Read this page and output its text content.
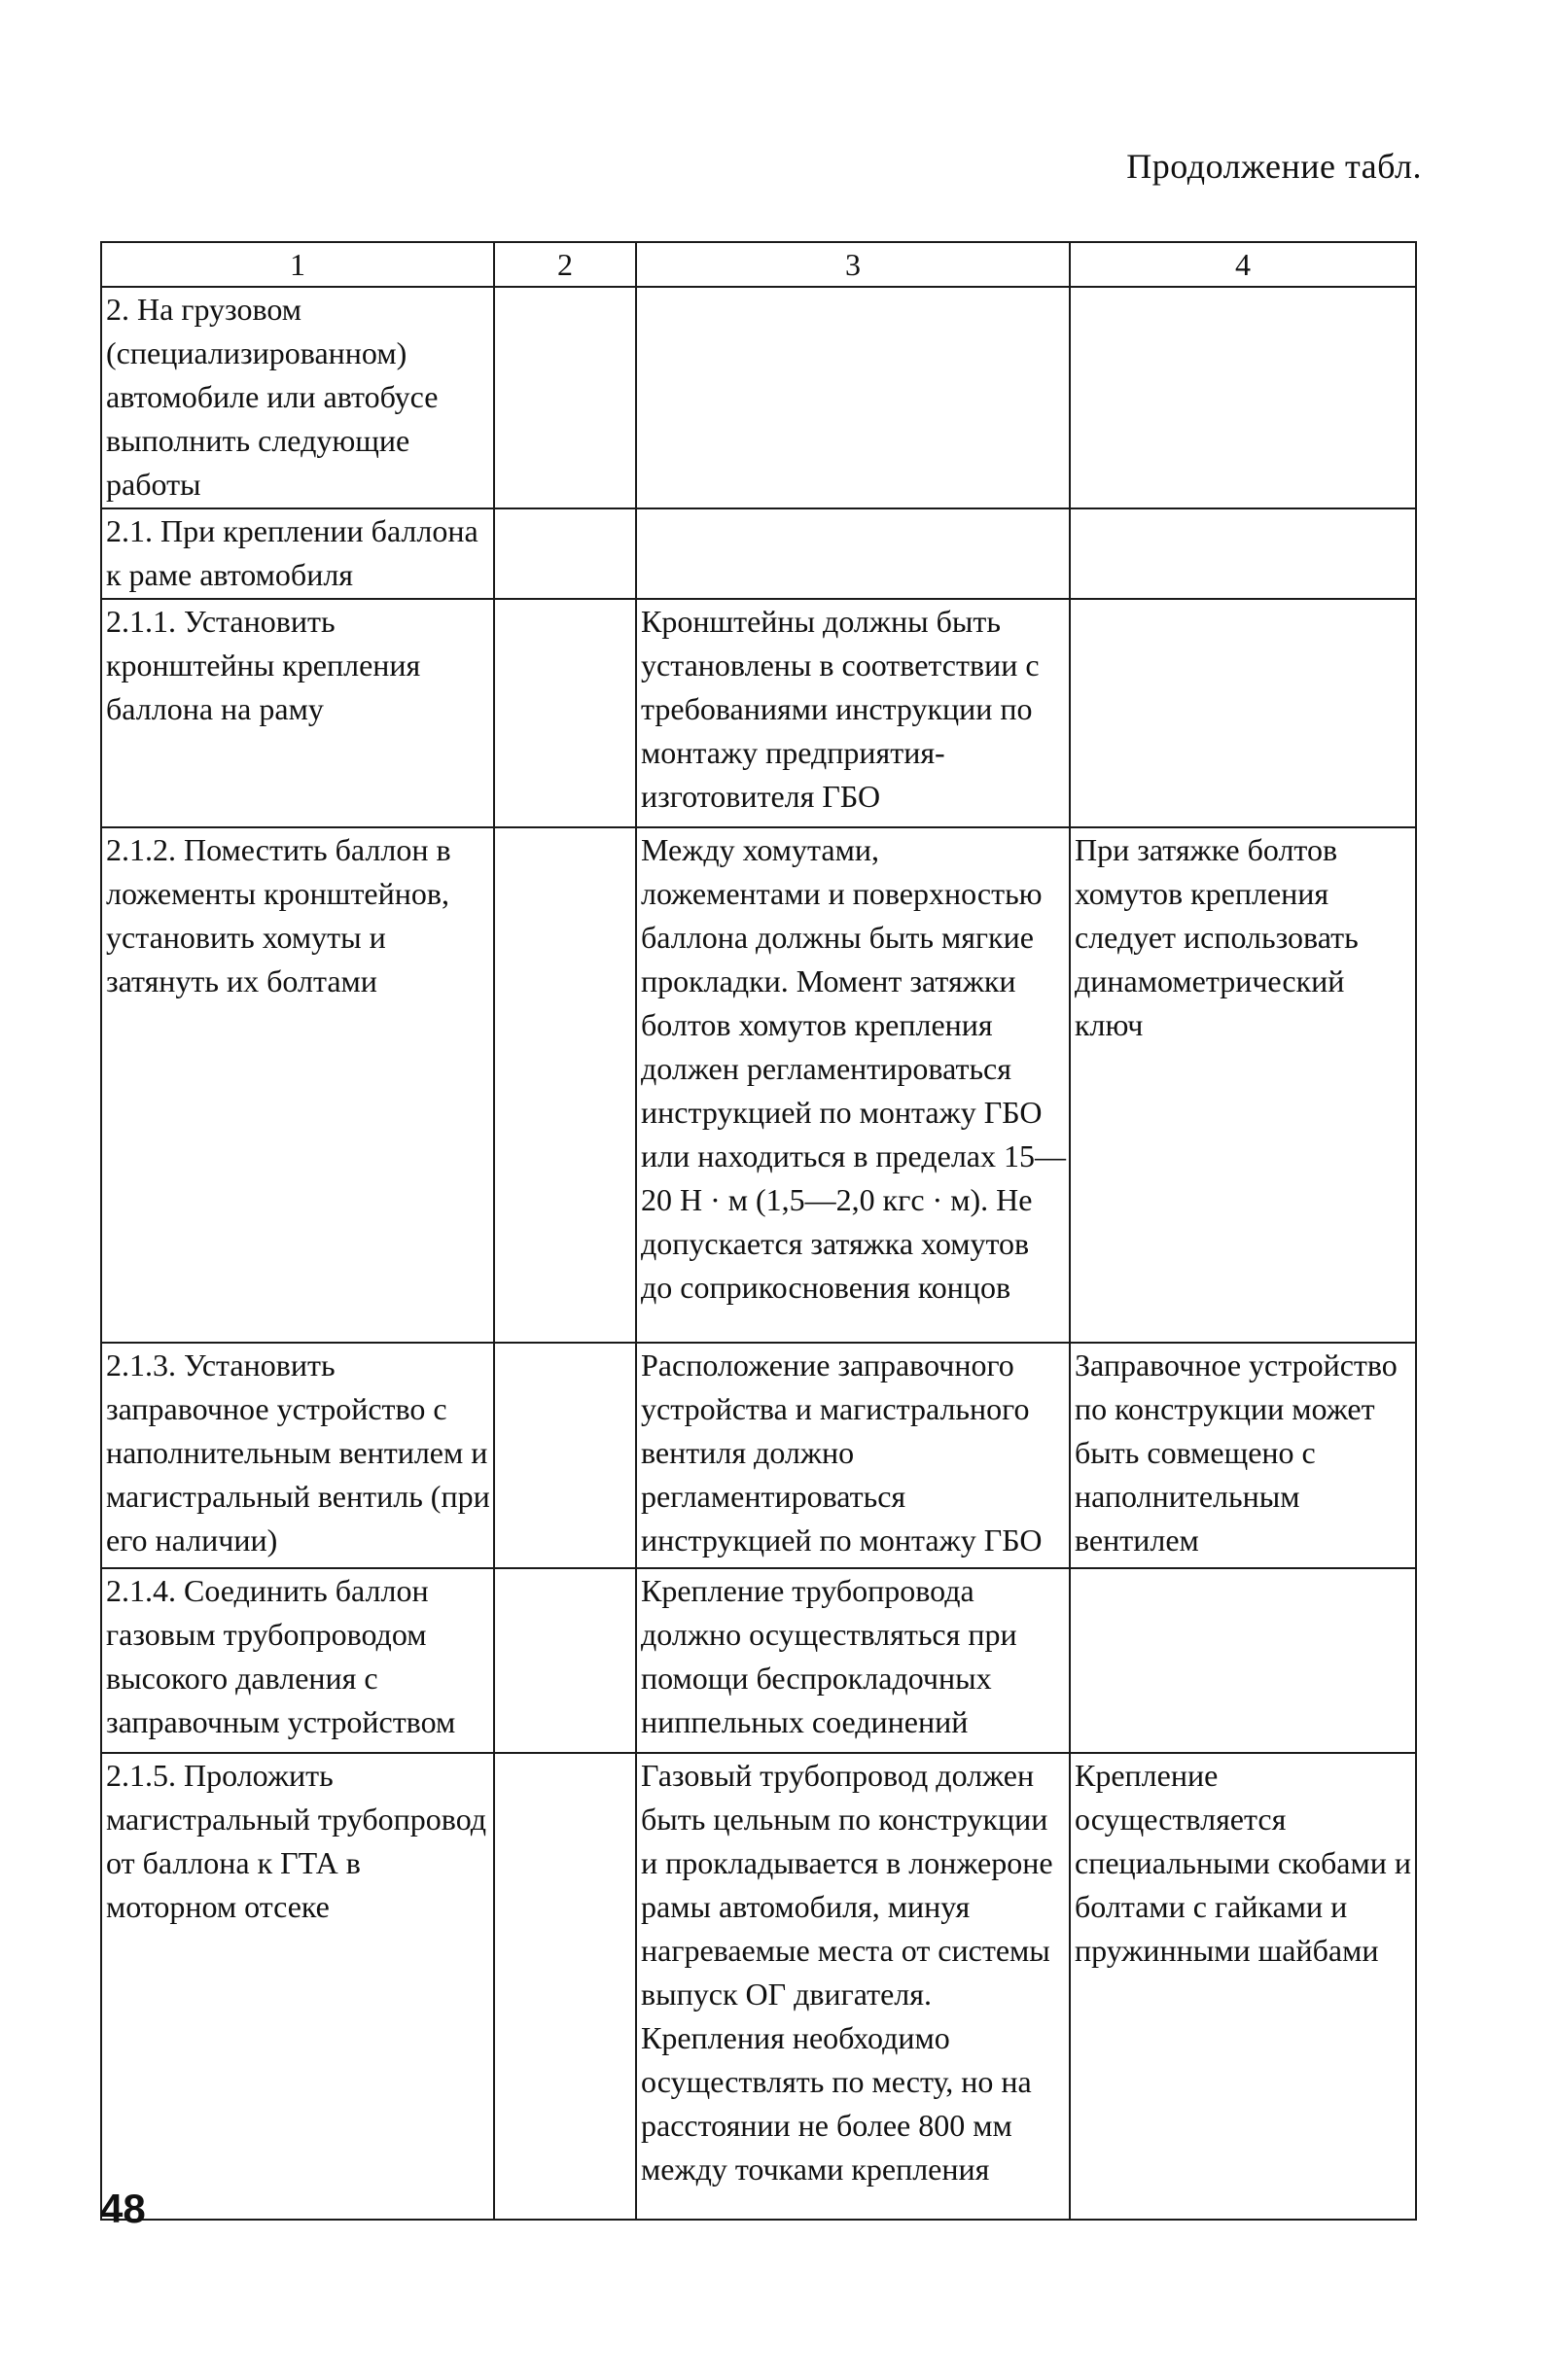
Продолжение табл.
1	2	3	4
2. На грузовом (специализированном) автомобиле или автобусе выполнить следующие работы			
2.1. При креплении баллона к раме автомобиля			
2.1.1. Установить кронштейны крепления баллона на раму		Кронштейны должны быть установлены в соответствии с требованиями инструкции по монтажу предприятия-изготовителя ГБО	
2.1.2. Поместить баллон в ложементы кронштейнов, установить хомуты и затянуть их болтами		Между хомутами, ложементами и поверхностью баллона должны быть мягкие прокладки. Момент затяжки болтов хомутов крепления должен регламентироваться инструкцией по монтажу ГБО или находиться в пределах 15—20 Н · м (1,5—2,0 кгс · м). Не допускается затяжка хомутов до соприкосновения концов	При затяжке болтов хомутов крепления следует использовать динамометрический ключ
2.1.3. Установить заправочное устройство с наполнительным вентилем и магистральный вентиль (при его наличии)		Расположение заправочного устройства и магистрального вентиля должно регламентироваться инструкцией по монтажу ГБО	Заправочное устройство по конструкции может быть совмещено с наполнительным вентилем
2.1.4. Соединить баллон газовым трубопроводом высокого давления с заправочным устройством		Крепление трубопровода должно осуществляться при помощи беспрокладочных ниппельных соединений	
2.1.5. Проложить магистральный трубопровод от баллона к ГТА в моторном отсеке		Газовый трубопровод должен быть цельным по конструкции и прокладывается в лонжероне рамы автомобиля, минуя нагреваемые места от системы выпуск ОГ двигателя. Крепления необходимо осуществлять по месту, но на расстоянии не более 800 мм между точками крепления	Крепление осуществляется специальными скобами и болтами с гайками и пружинными шайбами
48
